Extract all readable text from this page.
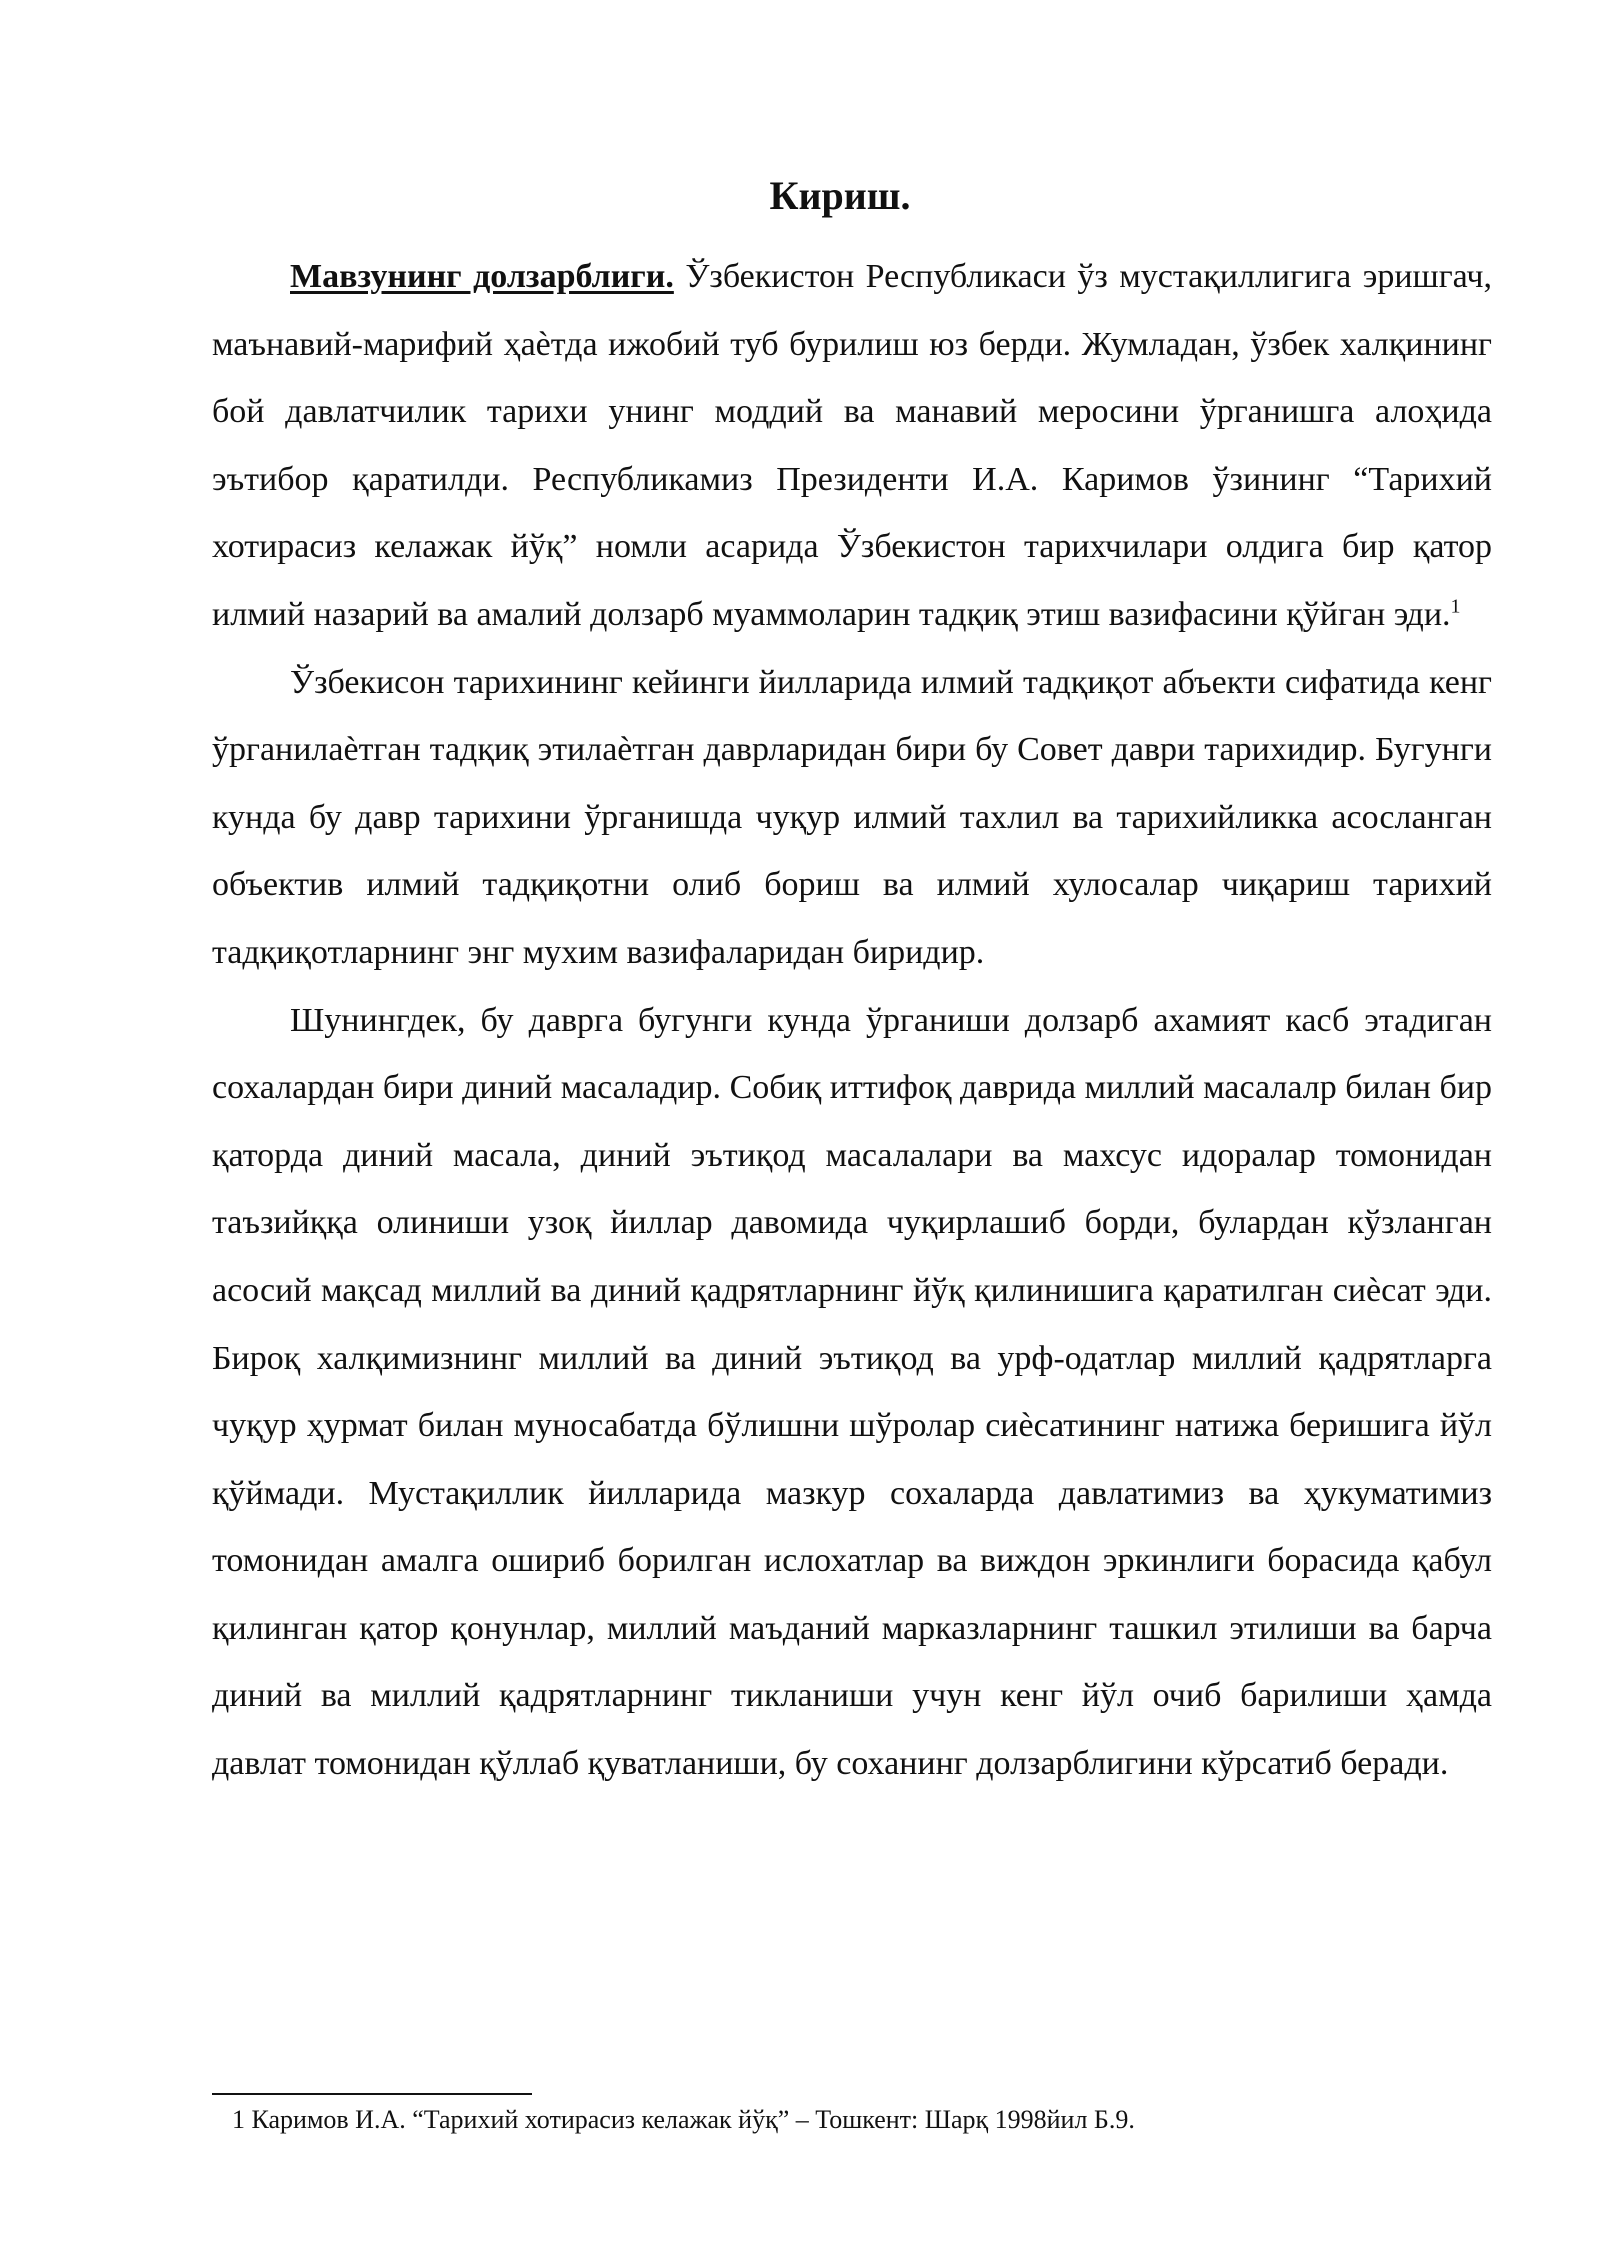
Кириш.

Мавзунинг долзарблиги. Ўзбекистон Республикаси ўз мустақиллигига эришгач, маънавий-марифий ҳаѐтда ижобий туб бурилиш юз берди. Жумладан, ўзбек халқининг бой давлатчилик тарихи унинг моддий ва манавий меросини ўрганишга алоҳида эътибор қаратилди. Республикамиз Президенти И.А. Каримов ўзининг “Тарихий хотирасиз келажак йўқ” номли асарида Ўзбекистон тарихчилари олдига бир қатор илмий назарий ва амалий долзарб муаммоларин тадқиқ этиш вазифасини қўйган эди.$^1$

Ўзбекисон тарихининг кейинги йилларида илмий тадқиқот абъекти сифатида кенг ўрганилаѐтган тадқиқ этилаѐтган даврларидан бири бу Совет даври тарихидир. Бугунги кунда бу давр тарихини ўрганишда чуқур илмий тахлил ва тарихийликка асосланган объектив илмий тадқиқотни олиб бориш ва илмий хулосалар чиқариш тарихий тадқиқотларнинг энг мухим вазифаларидан биридир.

Шунингдек, бу даврга бугунги кунда ўрганиши долзарб ахамият касб этадиган сохалардан бири диний масаладир. Собиқ иттифоқ даврида миллий масалалр билан бир қаторда диний масала, диний эътиқод масалалари ва махсус идоралар томонидан таъзийққа олиниши узоқ йиллар давомида чуқирлашиб борди, булардан кўзланган асосий мақсад миллий ва диний қадрятларнинг йўқ қилинишига қаратилган сиѐсат эди. Бироқ халқимизнинг миллий ва диний эътиқод ва урф-одатлар миллий қадрятларга чуқур ҳурмат билан муносабатда бўлишни шўролар сиѐсатининг натижа беришига йўл қўймади. Мустақиллик йилларида мазкур сохаларда давлатимиз ва ҳукуматимиз томонидан амалга ошириб борилган ислохатлар ва виждон эркинлиги борасида қабул қилинган қатор қонунлар, миллий маъданий марказларнинг ташкил этилиши ва барча диний ва миллий қадрятларнинг тикланиши учун кенг йўл очиб барилиши ҳамда давлат томонидан қўллаб қуватланиши, бу соханинг долзарблигини кўрсатиб беради.

1 Каримов И.А. “Тарихий хотирасиз келажак йўқ” – Тошкент: Шарқ 1998йил Б.9.
